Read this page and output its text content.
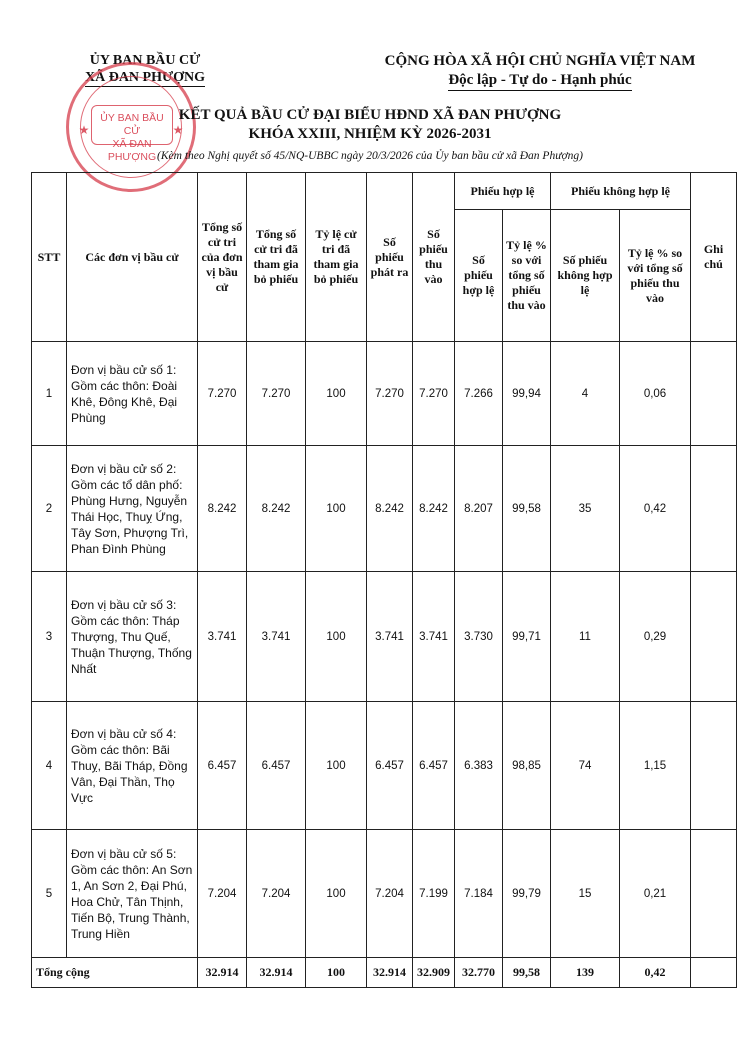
ỦY BAN BẦU CỬ
XÃ ĐAN PHƯỢNG
CỘNG HÒA XÃ HỘI CHỦ NGHĨA VIỆT NAM
Độc lập - Tự do - Hạnh phúc
★	★
ỦY BAN BẦU CỬ
XÃ ĐAN PHƯỢNG
KẾT QUẢ BẦU CỬ ĐẠI BIỂU HĐND XÃ ĐAN PHƯỢNG
KHÓA XXIII, NHIỆM KỲ 2026-2031
(Kèm theo Nghị quyết số 45/NQ-UBBC ngày 20/3/2026 của Ủy ban bầu cử xã Đan Phượng)
STT	Các đơn vị bầu cử	Tổng số cử tri của đơn vị bầu cử	Tổng số cử tri đã tham gia bỏ phiếu	Tỷ lệ cử tri đã tham gia bỏ phiếu	Số phiếu phát ra	Số phiếu thu vào	Phiếu hợp lệ		Phiếu không hợp lệ		Ghi chú
							Số phiếu hợp lệ	Tỷ lệ % so với tổng số phiếu thu vào	Số phiếu không hợp lệ	Tỷ lệ % so với tổng số phiếu thu vào	
1	Đơn vị bầu cử số 1: Gồm các thôn: Đoài Khê, Đông Khê, Đại Phùng	7.270	7.270	100	7.270	7.270	7.266	99,94	4	0,06	
2	Đơn vị bầu cử số 2: Gồm các tổ dân phố: Phùng Hưng, Nguyễn Thái Học, Thuỵ Ứng, Tây Sơn, Phượng Trì, Phan Đình Phùng	8.242	8.242	100	8.242	8.242	8.207	99,58	35	0,42	
3	Đơn vị bầu cử số 3: Gồm các thôn: Tháp Thượng, Thu Quế, Thuận Thượng, Thống Nhất	3.741	3.741	100	3.741	3.741	3.730	99,71	11	0,29	
4	Đơn vị bầu cử số 4: Gồm các thôn: Bãi Thuỵ, Bãi Tháp, Đồng Vân, Đại Thần, Thọ Vực	6.457	6.457	100	6.457	6.457	6.383	98,85	74	1,15	
5	Đơn vị bầu cử số 5: Gồm các thôn: An Sơn 1, An Sơn 2, Đại Phú, Hoa Chử, Tân Thịnh, Tiến Bộ, Trung Thành, Trung Hiền	7.204	7.204	100	7.204	7.199	7.184	99,79	15	0,21	
Tổng cộng		32.914	32.914	100	32.914	32.909	32.770	99,58	139	0,42	
